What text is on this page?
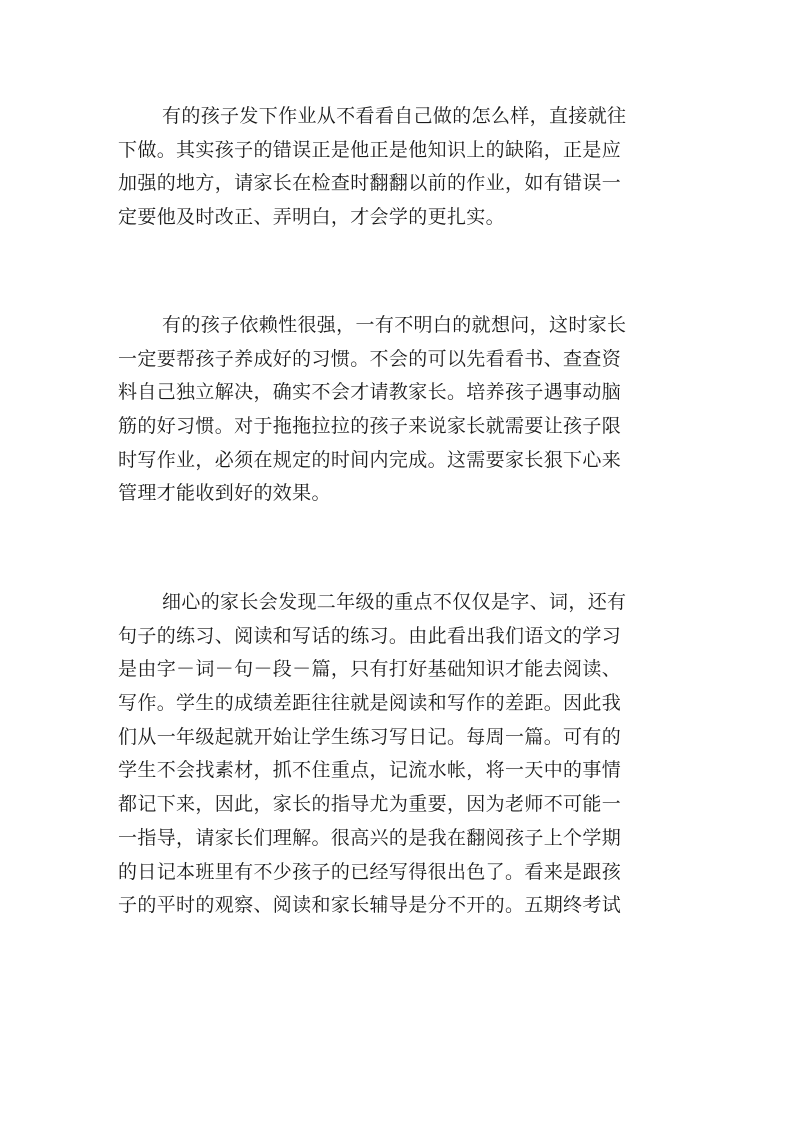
有的孩子发下作业从不看看自己做的怎么样，直接就往
下做。其实孩子的错误正是他正是他知识上的缺陷，正是应
加强的地方，请家长在检查时翻翻以前的作业，如有错误一
定要他及时改正、弄明白，才会学的更扎实。
有的孩子依赖性很强，一有不明白的就想问，这时家长
一定要帮孩子养成好的习惯。不会的可以先看看书、查查资
料自己独立解决，确实不会才请教家长。培养孩子遇事动脑
筋的好习惯。对于拖拖拉拉的孩子来说家长就需要让孩子限
时写作业，必须在规定的时间内完成。这需要家长狠下心来
管理才能收到好的效果。
细心的家长会发现二年级的重点不仅仅是字、词，还有
句子的练习、阅读和写话的练习。由此看出我们语文的学习
是由字－词－句－段－篇，只有打好基础知识才能去阅读、
写作。学生的成绩差距往往就是阅读和写作的差距。因此我
们从一年级起就开始让学生练习写日记。每周一篇。可有的
学生不会找素材，抓不住重点，记流水帐，将一天中的事情
都记下来，因此，家长的指导尤为重要，因为老师不可能一
一指导，请家长们理解。很高兴的是我在翻阅孩子上个学期
的日记本班里有不少孩子的已经写得很出色了。看来是跟孩
子的平时的观察、阅读和家长辅导是分不开的。五期终考试
